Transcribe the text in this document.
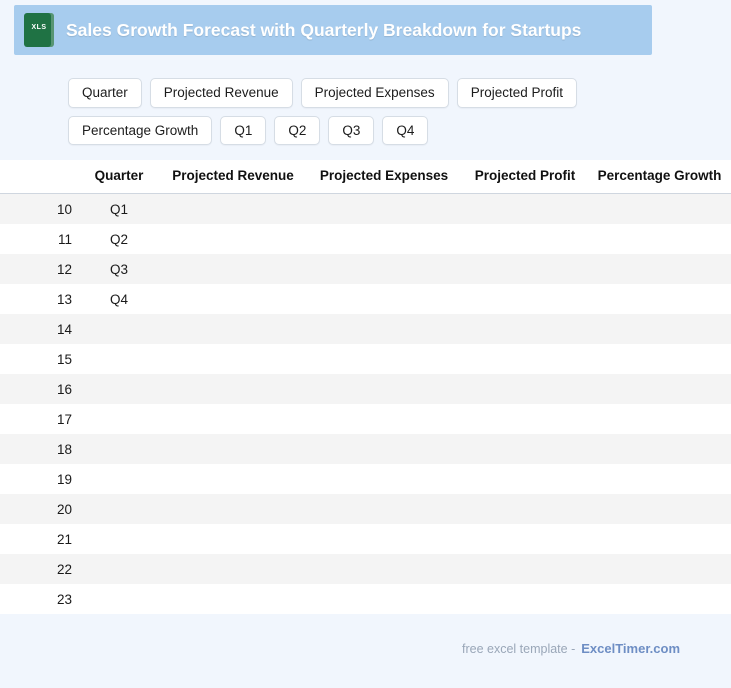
XLS
Sales Growth Forecast with Quarterly Breakdown for Startups
Quarter	Projected Revenue	Projected Expenses	Projected Profit
Percentage Growth	Q1	Q2	Q3	Q4
	Quarter	Projected Revenue	Projected Expenses	Projected Profit	Percentage Growth

10	Q1				

11	Q2				

12	Q3				

13	Q4				

14					

15					

16					

17					

18					

19					

20					

21					

22					

23					

free excel template - ExcelTimer.com
